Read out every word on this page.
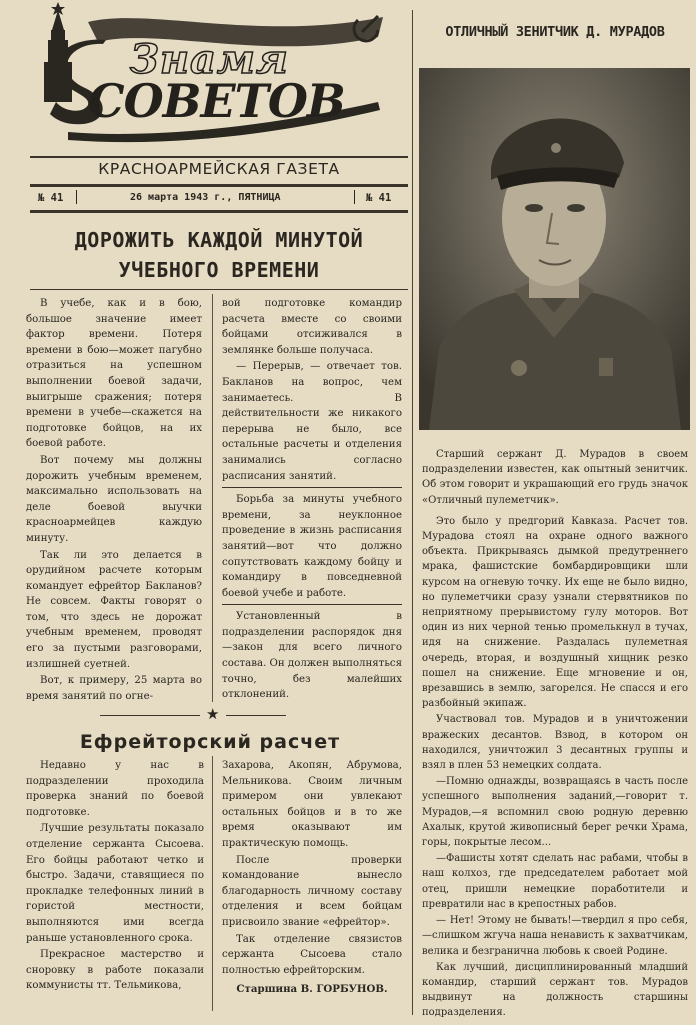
Знамя
СОВЕТОВ
КРАСНОАРМЕЙСКАЯ ГАЗЕТА
№ 41	26 марта 1943 г., ПЯТНИЦА	№ 41
ДОРОЖИТЬ КАЖДОЙ МИНУТОЙ
УЧЕБНОГО ВРЕМЕНИ

В учебе, как и в бою, большое значение имеет фактор времени. Потеря времени в бою—может пагубно отразиться на успешном выполнении боевой задачи, выигрыше сражения; потеря времени в учебе—скажется на подготовке бойцов, на их боевой работе.

Вот почему мы должны дорожить учебным временем, максимально использовать на деле боевой выучки красноармейцев каждую минуту.

Так ли это делается в орудийном расчете которым командует ефрейтор Бакланов? Не совсем. Факты говорят о том, что здесь не дорожат учебным временем, проводят его за пустыми разговорами, излишней суетней.

Вот, к примеру, 25 марта во время занятий по огне-

вой подготовке командир расчета вместе со своими бойцами отсиживался в землянке больше получаса.

— Перерыв, — отвечает тов. Бакланов на вопрос, чем занимаетесь. В действительности же никакого перерыва не было, все остальные расчеты и отделения занимались согласно расписания занятий.

Борьба за минуты учебного времени, за неуклонное проведение в жизнь расписания занятий—вот что должно сопутствовать каждому бойцу и командиру в повседневной боевой учебе и работе.

Установленный в подразделении распорядок дня—закон для всего личного состава. Он должен выполняться точно, без малейших отклонений.

★
Ефрейторский расчет

Недавно у нас в подразделении проходила проверка знаний по боевой подготовке.

Лучшие результаты показало отделение сержанта Сысоева. Его бойцы работают четко и быстро. Задачи, ставящиеся по прокладке телефонных линий в гористой местности, выполняются ими всегда раньше установленного срока.

Прекрасное мастерство и сноровку в работе показали коммунисты тт. Тельмикова,

Захарова, Акопян, Абрумова, Мельникова. Своим личным примером они увлекают остальных бойцов и в то же время оказывают им практическую помощь.

После проверки командование вынесло благодарность личному составу отделения и всем бойцам присвоило звание «ефрейтор».

Так отделение связистов сержанта Сысоева стало полностью ефрейторским.

Старшина В. ГОРБУНОВ.
ОТЛИЧНЫЙ ЗЕНИТЧИК Д. МУРАДОВ

Старший сержант Д. Мурадов в своем подразделении известен, как опытный зенитчик. Об этом говорит и украшающий его грудь значок «Отличный пулеметчик».

Это было у предгорий Кавказа. Расчет тов. Мурадова стоял на охране одного важного объекта. Прикрываясь дымкой предутреннего мрака, фашистские бомбардировщики шли курсом на огневую точку. Их еще не было видно, но пулеметчики сразу узнали стервятников по неприятному прерывистому гулу моторов. Вот один из них черной тенью промелькнул в тучах, идя на снижение. Раздалась пулеметная очередь, вторая, и воздушный хищник резко пошел на снижение. Еще мгновение и он, врезавшись в землю, загорелся. Не спасся и его разбойный экипаж.

Участвовал тов. Мурадов и в уничтожении вражеских десантов. Взвод, в котором он находился, уничтожил 3 десантных группы и взял в плен 53 немецких солдата.

—Помню однажды, возвращаясь в часть после успешного выполнения заданий,—говорит т. Мурадов,—я вспомнил свою родную деревню Ахалык, крутой живописный берег речки Храма, горы, покрытые лесом...

—Фашисты хотят сделать нас рабами, чтобы в наш колхоз, где председателем работает мой отец, пришли немецкие поработители и превратили нас в крепостных рабов.

— Нет! Этому не бывать!—твердил я про себя,—слишком жгуча наша ненависть к захватчикам, велика и безгранична любовь к своей Родине.

Как лучший, дисциплинированный младший командир, старший сержант тов. Мурадов выдвинут на должность старшины подразделения.
